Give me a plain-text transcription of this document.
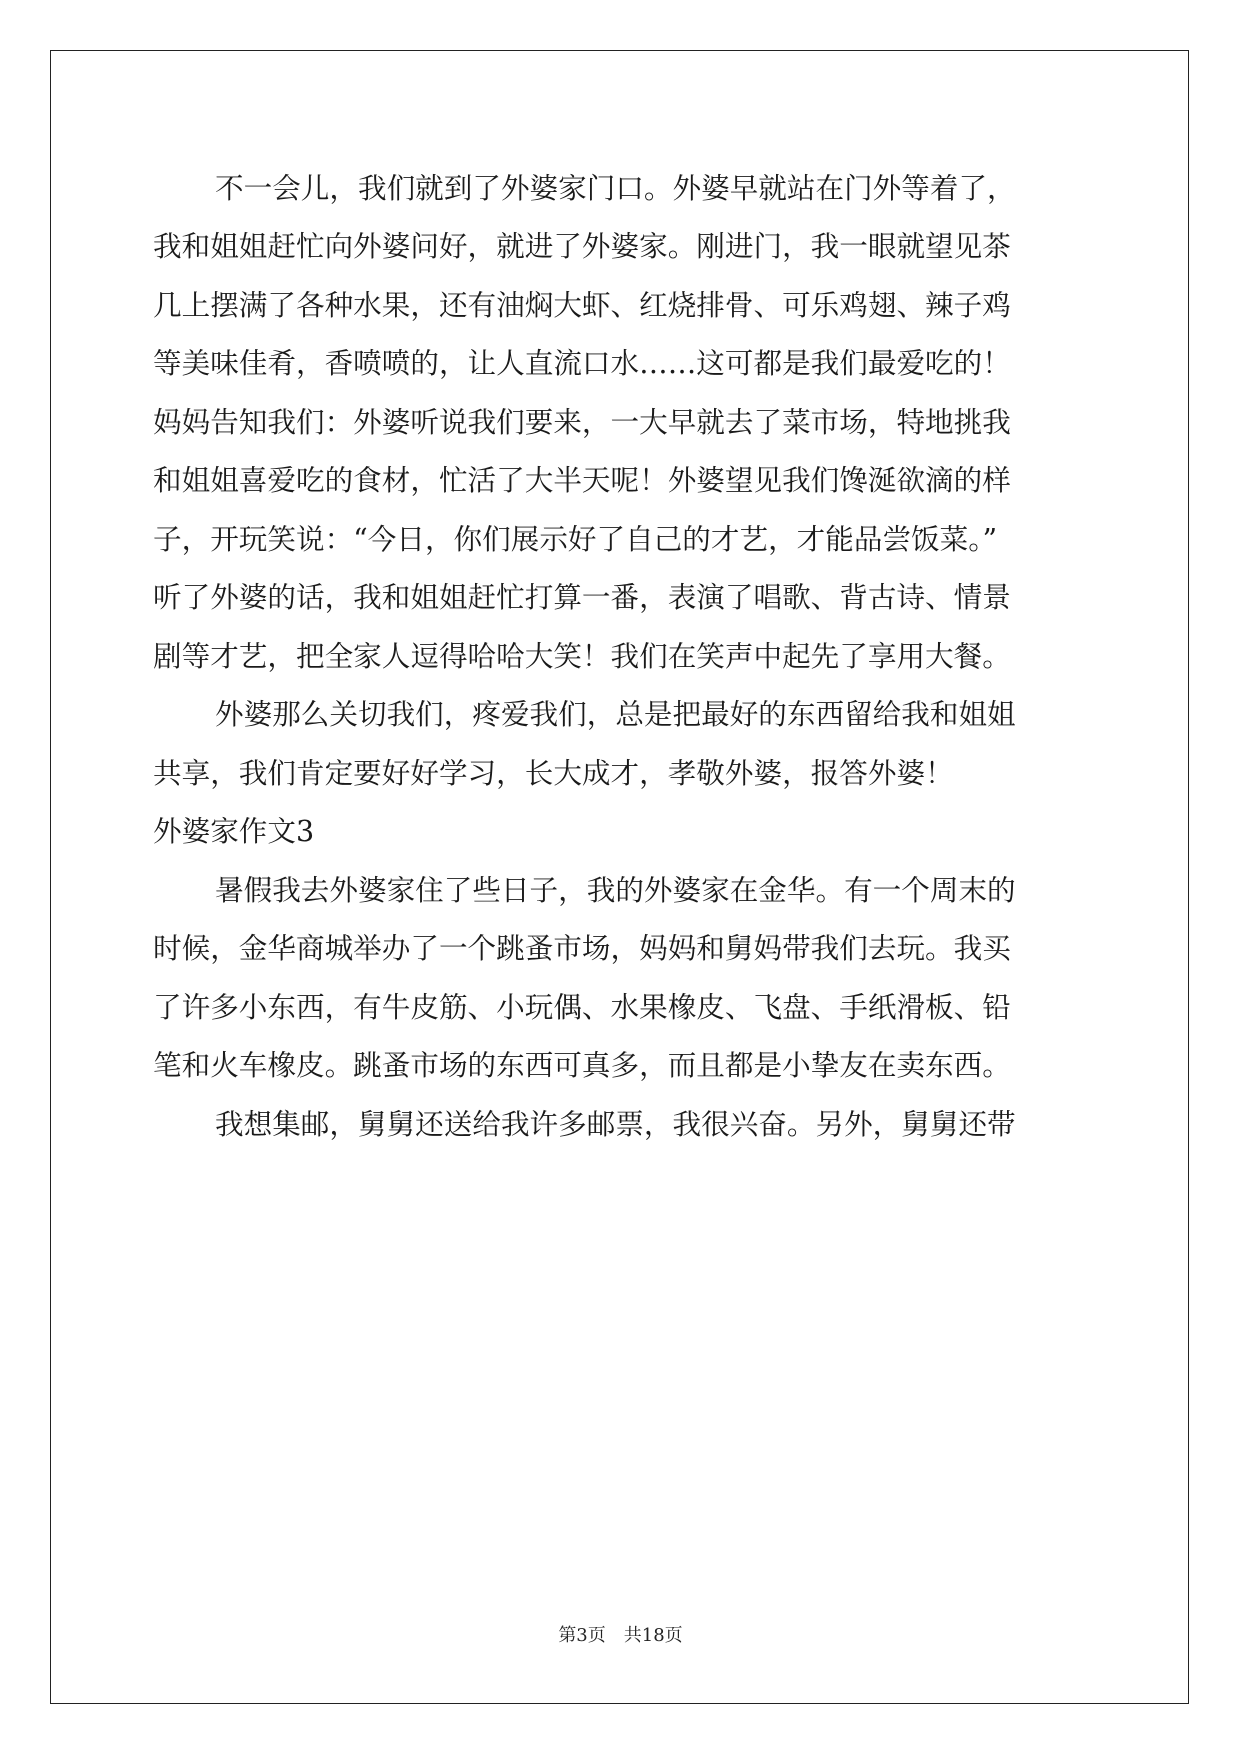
不一会儿，我们就到了外婆家门口。外婆早就站在门外等着了，
我和姐姐赶忙向外婆问好，就进了外婆家。刚进门，我一眼就望见茶
几上摆满了各种水果，还有油焖大虾、红烧排骨、可乐鸡翅、辣子鸡
等美味佳肴，香喷喷的，让人直流口水……这可都是我们最爱吃的！
妈妈告知我们：外婆听说我们要来，一大早就去了菜市场，特地挑我
和姐姐喜爱吃的食材，忙活了大半天呢！外婆望见我们馋涎欲滴的样
子，开玩笑说：“今日，你们展示好了自己的才艺，才能品尝饭菜。”
听了外婆的话，我和姐姐赶忙打算一番，表演了唱歌、背古诗、情景
剧等才艺，把全家人逗得哈哈大笑！我们在笑声中起先了享用大餐。
外婆那么关切我们，疼爱我们，总是把最好的东西留给我和姐姐
共享，我们肯定要好好学习，长大成才，孝敬外婆，报答外婆！
外婆家作文3
暑假我去外婆家住了些日子，我的外婆家在金华。有一个周末的
时候，金华商城举办了一个跳蚤市场，妈妈和舅妈带我们去玩。我买
了许多小东西，有牛皮筋、小玩偶、水果橡皮、飞盘、手纸滑板、铅
笔和火车橡皮。跳蚤市场的东西可真多，而且都是小挚友在卖东西。
我想集邮，舅舅还送给我许多邮票，我很兴奋。另外，舅舅还带
第3页　共18页
